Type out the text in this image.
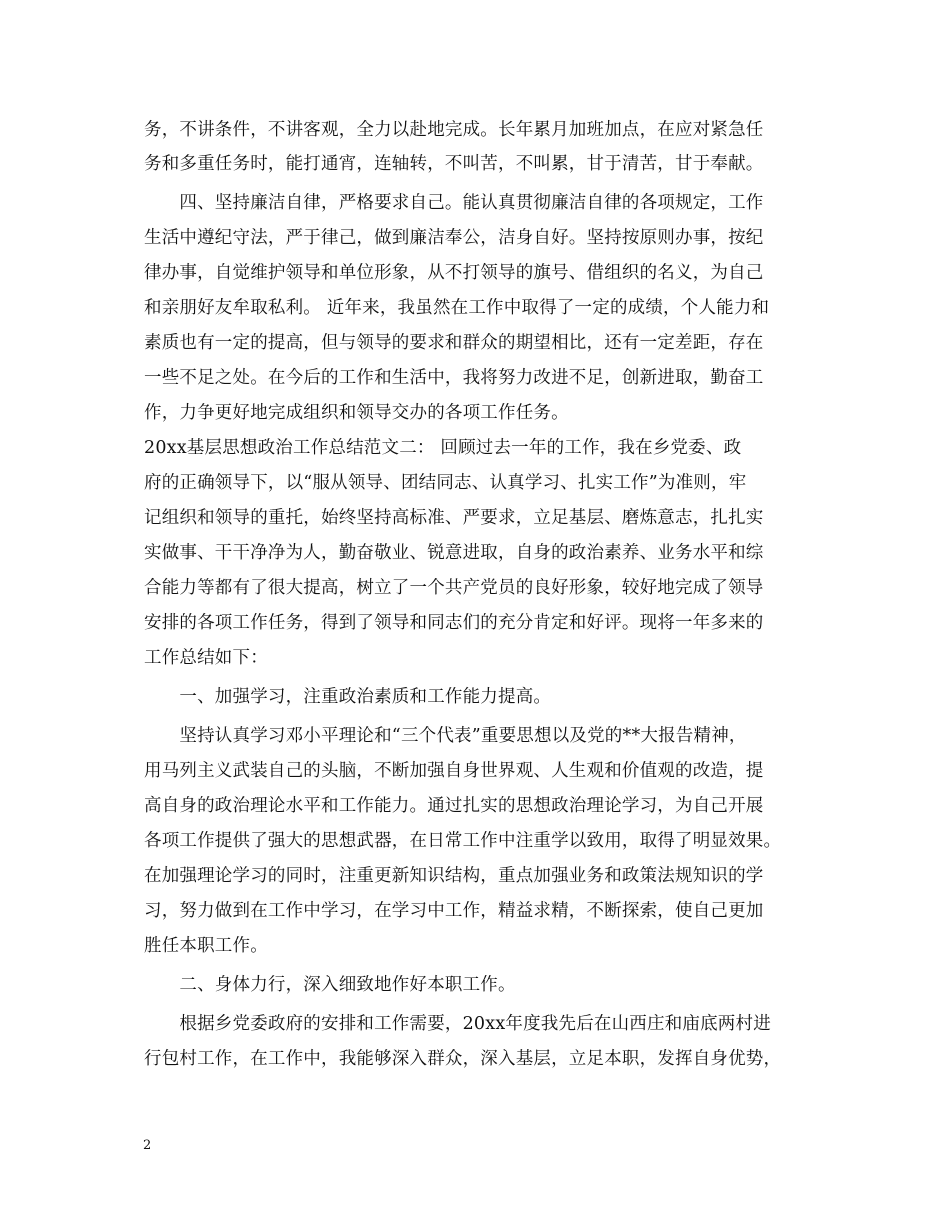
务，不讲条件，不讲客观，全力以赴地完成。长年累月加班加点，在应对紧急任
务和多重任务时，能打通宵，连轴转，不叫苦，不叫累，甘于清苦，甘于奉献。
　　四、坚持廉洁自律，严格要求自己。能认真贯彻廉洁自律的各项规定，工作
生活中遵纪守法，严于律己，做到廉洁奉公，洁身自好。坚持按原则办事，按纪
律办事，自觉维护领导和单位形象，从不打领导的旗号、借组织的名义，为自己
和亲朋好友牟取私利。 近年来，我虽然在工作中取得了一定的成绩，个人能力和
素质也有一定的提高，但与领导的要求和群众的期望相比，还有一定差距，存在
一些不足之处。在今后的工作和生活中，我将努力改进不足，创新进取，勤奋工
作，力争更好地完成组织和领导交办的各项工作任务。
20xx基层思想政治工作总结范文二： 回顾过去一年的工作，我在乡党委、政
府的正确领导下，以“服从领导、团结同志、认真学习、扎实工作”为准则，牢
记组织和领导的重托，始终坚持高标准、严要求，立足基层、磨炼意志，扎扎实
实做事、干干净净为人，勤奋敬业、锐意进取，自身的政治素养、业务水平和综
合能力等都有了很大提高，树立了一个共产党员的良好形象，较好地完成了领导
安排的各项工作任务，得到了领导和同志们的充分肯定和好评。现将一年多来的
工作总结如下：
　　一、加强学习，注重政治素质和工作能力提高。
　　坚持认真学习邓小平理论和“三个代表”重要思想以及党的**大报告精神，
用马列主义武装自己的头脑，不断加强自身世界观、人生观和价值观的改造，提
高自身的政治理论水平和工作能力。通过扎实的思想政治理论学习，为自己开展
各项工作提供了强大的思想武器，在日常工作中注重学以致用，取得了明显效果。
在加强理论学习的同时，注重更新知识结构，重点加强业务和政策法规知识的学
习，努力做到在工作中学习，在学习中工作，精益求精，不断探索，使自己更加
胜任本职工作。
　　二、身体力行，深入细致地作好本职工作。
　　根据乡党委政府的安排和工作需要，20xx年度我先后在山西庄和庙底两村进
行包村工作，在工作中，我能够深入群众，深入基层，立足本职，发挥自身优势，
2
